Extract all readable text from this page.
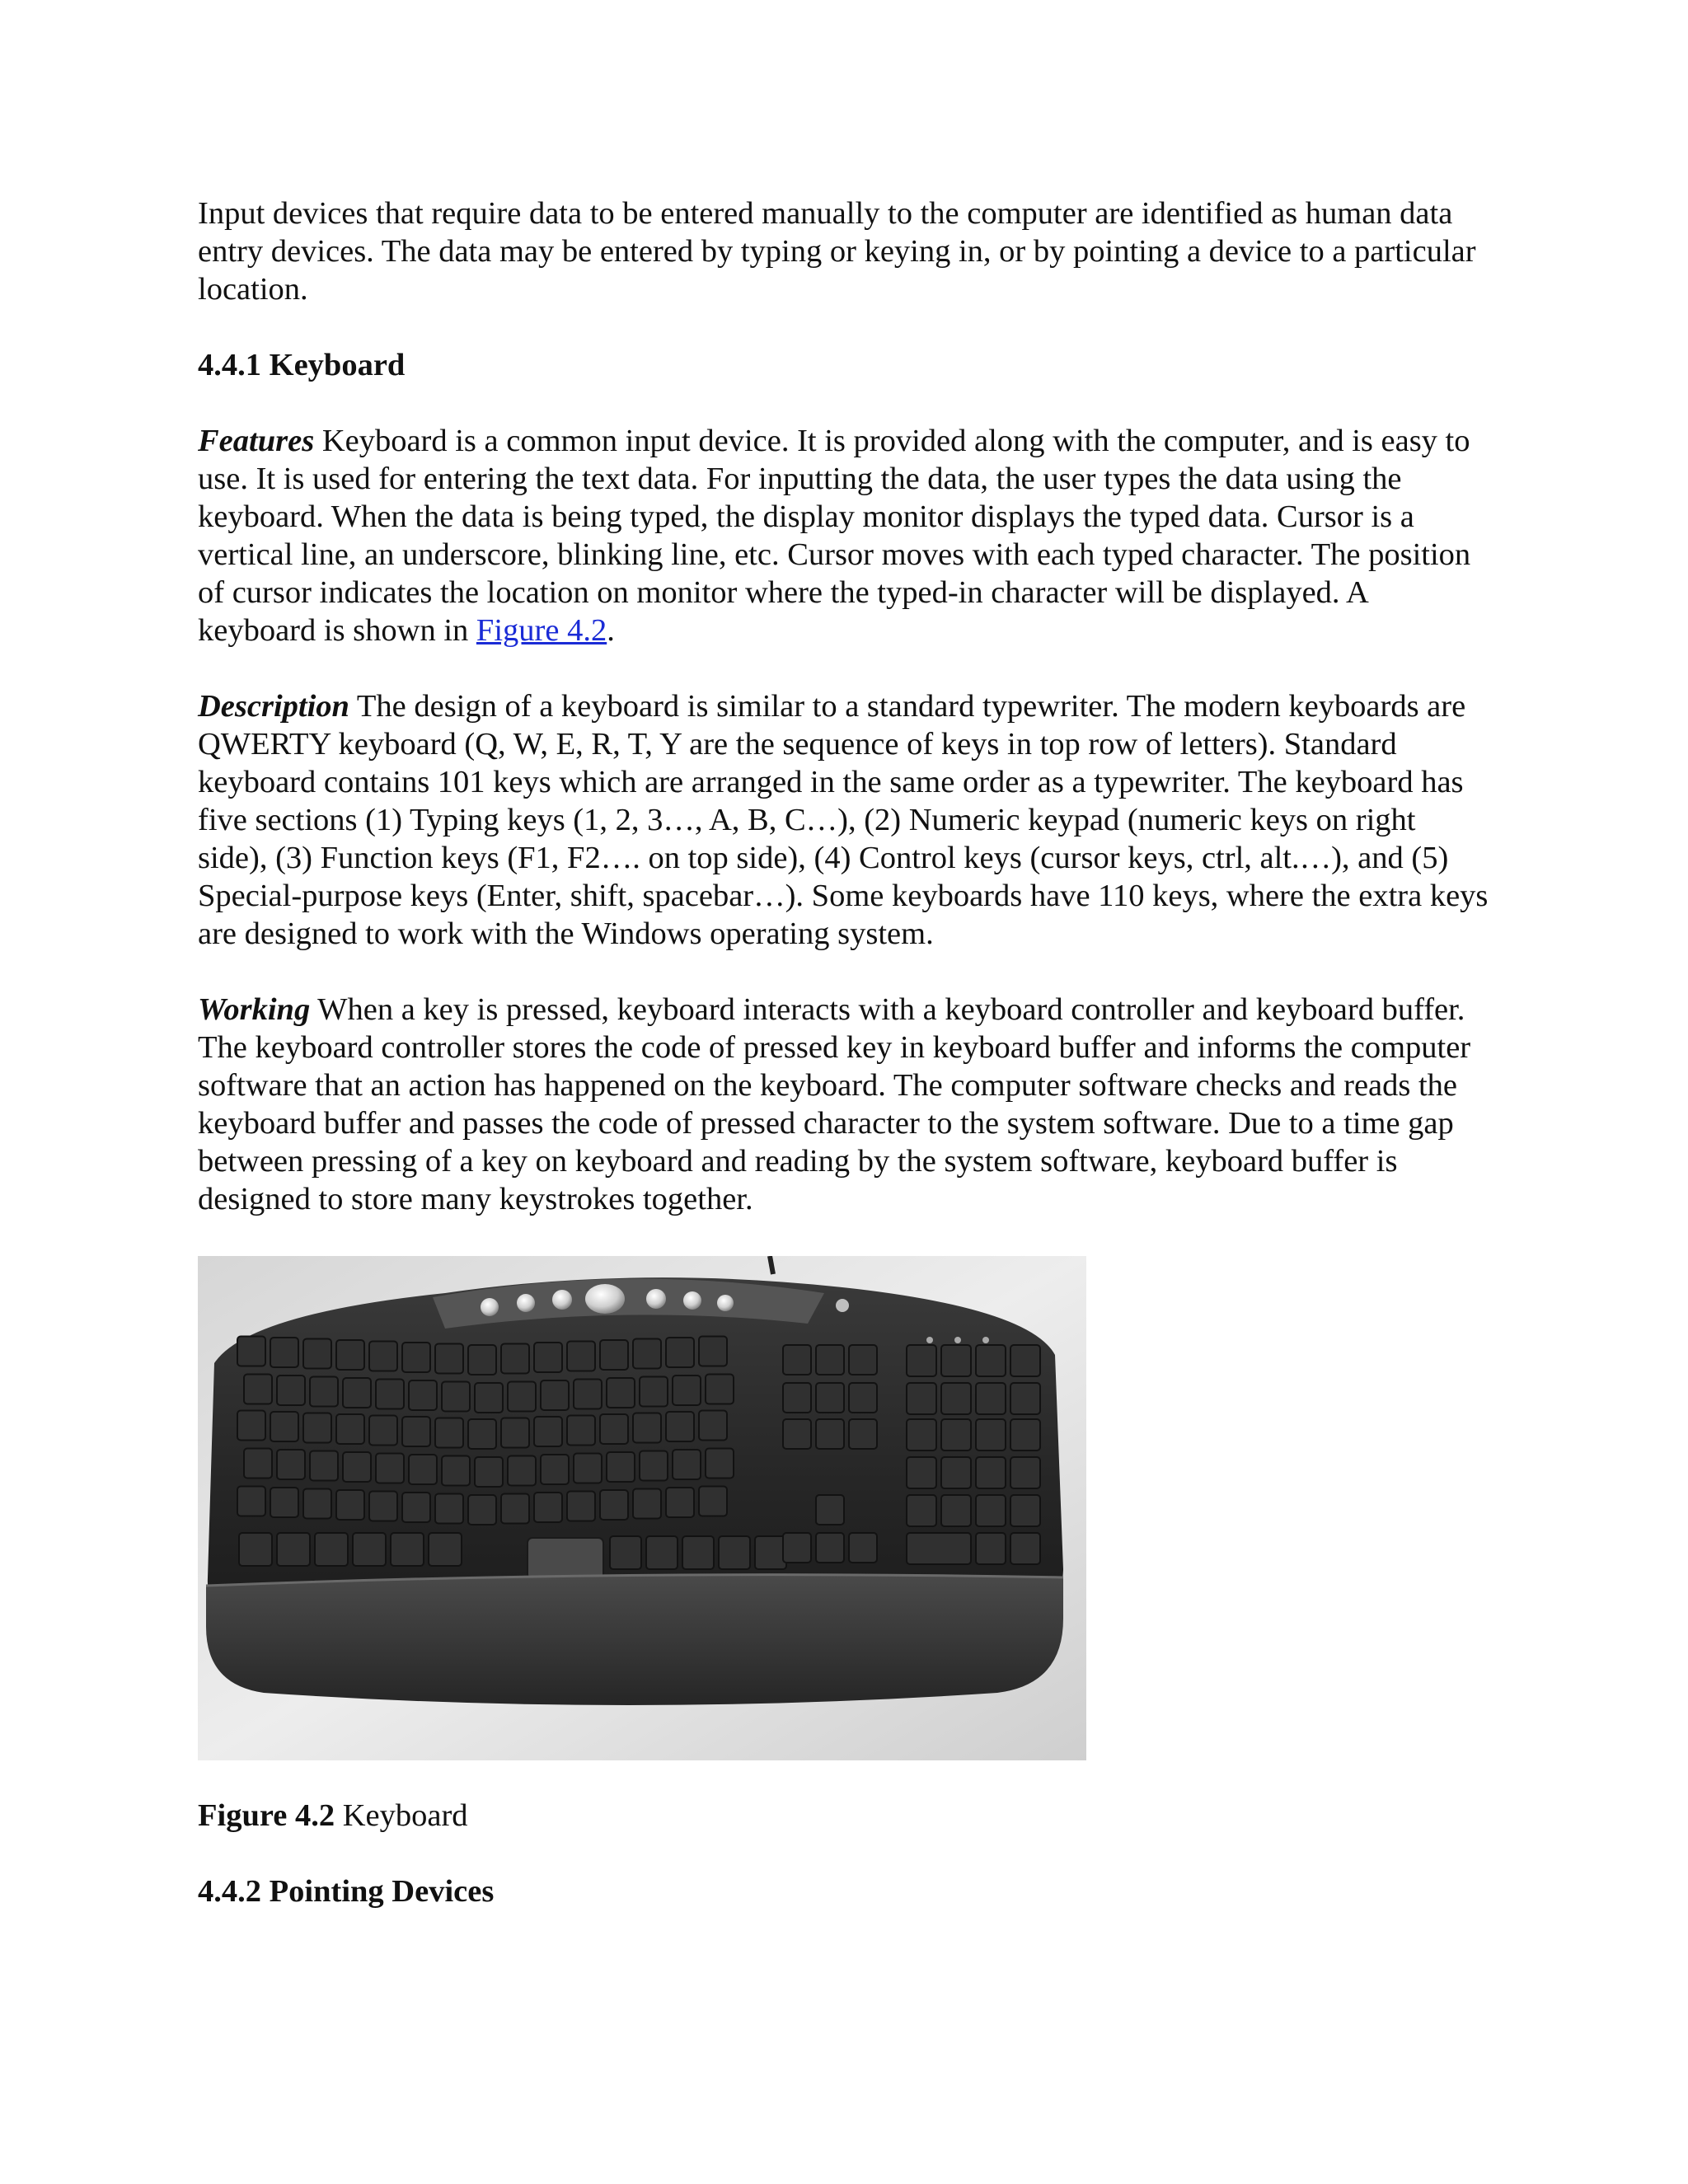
Input devices that require data to be entered manually to the computer are identified as human data entry devices. The data may be entered by typing or keying in, or by pointing a device to a particular location.

4.4.1 Keyboard

Features Keyboard is a common input device. It is provided along with the computer, and is easy to use. It is used for entering the text data. For inputting the data, the user types the data using the keyboard. When the data is being typed, the display monitor displays the typed data. Cursor is a vertical line, an underscore, blinking line, etc. Cursor moves with each typed character. The position of cursor indicates the location on monitor where the typed-in character will be displayed. A keyboard is shown in Figure 4.2.

Description The design of a keyboard is similar to a standard typewriter. The modern keyboards are QWERTY keyboard (Q, W, E, R, T, Y are the sequence of keys in top row of letters). Standard keyboard contains 101 keys which are arranged in the same order as a typewriter. The keyboard has five sections (1) Typing keys (1, 2, 3…, A, B, C…), (2) Numeric keypad (numeric keys on right side), (3) Function keys (F1, F2…. on top side), (4) Control keys (cursor keys, ctrl, alt.…), and (5) Special-purpose keys (Enter, shift, spacebar…). Some keyboards have 110 keys, where the extra keys are designed to work with the Windows operating system.

Working When a key is pressed, keyboard interacts with a keyboard controller and keyboard buffer. The keyboard controller stores the code of pressed key in keyboard buffer and informs the computer software that an action has happened on the keyboard. The computer software checks and reads the keyboard buffer and passes the code of pressed character to the system software. Due to a time gap between pressing of a key on keyboard and reading by the system software, keyboard buffer is designed to store many keystrokes together.

Figure 4.2 Keyboard

4.4.2 Pointing Devices
